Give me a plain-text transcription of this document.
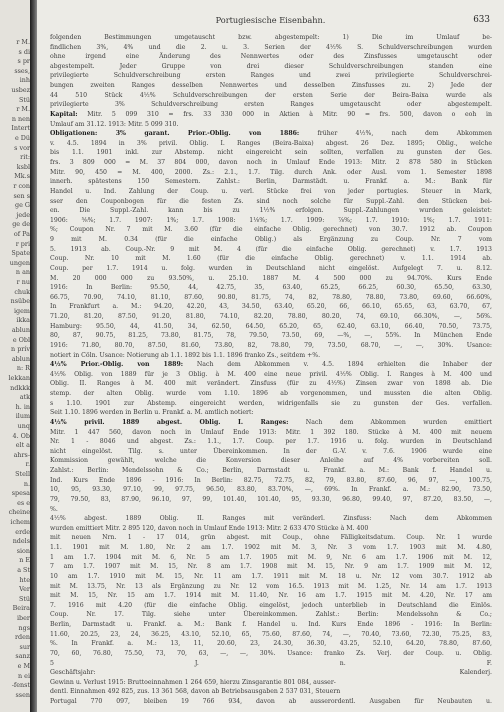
r M.
s di
s pr
sses,
inh
usbez
Stü
r M.
n nen
Intert
e Dü
s vor
rit:
ksbl
Mk.s
r con
sen s
ge G
jede
ge de
of Pa
r pri
Spate
ungen
n an
r nu
chuk
nsübe
igem
ikka
ablun
e Obl
n prív
ablun
n: R
lekkan
ndkkk
atk
h. in
ilum
unq
4. Ob
elt a
ahrs-
r.
Stell
n.
spesa
es e
cheine
ichem
erde
ndels
sion
n E
a St
hte
Ver
Stü
Beira
iber
ngs
rden
sur
sanz
e M
n ei
-fenst
ssen
Portugiesische Eisenbahn.	633
folgenden Bestimmungen umgetauscht bzw. abgestempelt: 1) Die im Umlauf be-
findlichen 3%, 4% und die 2. u. 3. Serien der 4½% S. Schuldverschreibungen wurden
ohne irgend eine Änderung des Nennwertes oder des Zinsfusses umgetauscht oder
abgestempelt. Jeder Gruppe von drei dieser Schuldverschreibungen standen eine
privilegierte Schuldverschreibung ersten Ranges und zwei privilegierte Schuldverschrei-
bungen zweiten Ranges desselben Nennwertes und desselben Zinsfusses zu. 2) Jede der
44 510 Stück 4½% Schuldverschreibungen der ersten Serie der Beira-Baixa wurde als
privilegierte 3% Schuldverschreibung ersten Ranges umgetauscht oder abgestempelt.
Kapital: Mitr. 5 099 310 = frs. 33 330 000 in Aktien à Mitr. 90 = frs. 500, davon o eoh in
Umlauf am 31.12. 1913: Mitr. 5 099 310.
Obligationen: 3% garant. Prior.-Oblig. von 1886: früher 4½%, nach dem Abkommen
v. 4.5. 1894 in 3% privil. Oblig. I. Ranges (Beira-Baixa) abgest. 26 Dez. 1895; Oblig., welche
bis 1.1. 1901 inkl. zur Abstemp. nicht eingereicht sein sollten, verfallen zu gunsten der Ges.
frs. 3 809 000 = M. 37 804 000, davon noch in Umlauf Ende 1913: Mitr. 2 878 580 in Stücken
Mitr. 90, 450 = M. 400, 2000. Zs.: 2.1., 1.7. Tilg. durch Ank. oder Ausl. vom 1. Semester 1898
innerh. spätestens 150 Semestern. Zahlst.: Berlin, Darmstädt. u. Frankf. a. M.: Bank für
Handel u. Ind. Zahlung der Coup. u. verl. Stücke frei von jeder portugies. Steuer in Mark,
sser den Couponbogen für die festen Zs. sind noch solche für Suppl.-Zahl. den Stücken bei-
en. Die Suppl.-Zahl. kann bis zu 1½% erfolgen. Suppl.-Zahlungen wurden geleistet:
1906: ⅝%; 1.7. 1907: 1%; 1.7. 1908: 1⅛%; 1.7. 1909: ⅞%; 1.7. 1910: 1%; 1.7. 1911:
%; Coupon Nr. 7 mit M. 3.60 (für die einfache Oblig. gerechnet) von 30.7. 1912 ab. Coupon
9 mit M. 0.34 (für die einfache Oblig.) als Ergänzung zu Coup. Nr. 7 vom
5. 1913 ab. Coup.-Nr. 9 mit M. 4 (für die einfache Oblig. gerechnet) v. 1.7. 1913
Coup. Nr. 10 mit M. 1.60 (für die einfache Oblig. gerechnet) v. 1.1. 1914 ab.
Coup. per 1.7. 1914 u. folg. wurden in Deutschland nicht eingelöst. Aufgelegt 7. u. 8.12.
M. 20 000 000 zu 93.50%, u. 25.10. 1887 M. 4 500 000 zu 94.70%. Kurs Ende
1916: In Berlin: 95.50, 44, 42.75, 35, 63.40, 65.25, 66.25, 60.30, 65.50, 63.30,
66.75, 70.90, 74.10, 81.10, 87.60, 90.80, 81.75, 74, 82, 78.80, 78.80, 73.80, 69.60, 66.60%,
In Frankfurt a. M.: 94.20, 42.20, 43, 34.50, 63.40, 65.20, 66, 66.10, 65.65, 63, 63.70, 67,
71.20, 81.20, 87.50, 91.20, 81.80, 74.10, 82.20, 78.80, 80.20, 74, 69.10, 66.30%, —, 56%.
Hamburg: 95.50, 44, 41.50, 34, 62.50, 64.50, 65.20, 65, 62.40, 63.10, 66.40, 70.50, 73.75,
80, 87, 90.75, 81.25, 73.80, 81.75, 78, 79.50, 73.50, 69, —%, —, 55%. In München Ende
1916: 71.80, 80.70, 87.50, 81.60, 73.80, 82, 78.80, 79, 73.50, 68.70, —, —, 30%. Usance:
notiert in Cöln. Usance: Notierung ab 1.1. 1892 bis 1.1. 1896 franko Zs., seitdem +%.
4½% Prior.-Oblig. von 1889: Nach dem Abkommen v. 4.5. 1894 erhielten die Inhaber der
4½% Oblig. von 1889 für je 3 Oblig. à M. 400 eine neue privil. 4½% Oblig. I. Ranges à M. 400 und
Oblig. II. Ranges à M. 400 mit verändert. Zinsfuss (für zu 4½%) Zinsen zwar von 1898 ab. Die
stemp. der alten Oblig. wurde vom 1.10. 1896 ab vorgenommen, und mussten die alten Oblig.
s 1.10. 1901 zur Abstemp. eingereicht werden, widrigenfalls sie zu gunsten der Ges. verfallen.
Seit 1.10. 1896 werden in Berlin u. Frankf. a. M. amtlich notiert:
4½% privil. 1889 abgest. Oblig. I. Ranges: Nach dem Abkommen wurden emittiert
Mitr. 1 447 560, davon noch in Umlauf Ende 1913: Mitr. 1 392 180. Stücke à M. 400 mit neuem
Nr. 1 - 8046 und abgest. Zs.: 1.1., 1.7. Coup. per 1.7. 1916 u. folg. wurden in Deutschland
nicht eingelöst. Tilg. s. unter Übereinkommen. In der G.-V. v. 7.6. 1906 wurde eine
Kommission gewählt, welche die Konversion dieser Anleihe auf 4% vorbereiten soll.
Zahlst.: Berlin: Mendelssohn & Co.; Berlin, Darmstadt u. Frankf. a. M.: Bank f. Handel u.
Ind. Kurs Ende 1896 - 1916: In Berlin: 82.75, 72.75, 82, 79, 83.80, 87.60, 96, 97, —, 100.75,
10, 95, 93.30, 97.10, 99, 97.75, 96.50, 83.80, 83.70%, —, 69%. In Frankf. a. M.: 82.90, 73.50,
79, 79.50, 83, 87.90, 96.10, 97, 99, 101.40, 101.40, 95, 93.30, 96.80, 99.40, 97, 87.20, 83.50, —,
%.
4½% abgest. 1889 Oblig. II. Ranges mit veränderl. Zinsfuss: Nach dem Abkommen
wurden emittiert Mitr. 2 895 120, davon noch in Umlauf Ende 1913: Mitr. 2 633 470 Stücke à M. 400
mit neuen Nrn. 1 - 17 014, grün abgest. mit Coup., ohne Fälligkeitsdatum. Coup. Nr. 1 wurde
1.1. 1901 mit M. 1.80, Nr. 2 am 1.7. 1902 mit M. 3, Nr. 3 vom 1.7. 1903 mit M. 4.80,
1 am 1.7. 1904 mit M. 6, Nr. 5 am 1.7. 1905 mit M. 9, Nr. 6 am 1.7. 1906 mit M. 12,
7 am 1.7. 1907 mit M. 15, Nr. 8 am 1.7. 1908 mit M. 15, Nr. 9 am 1.7. 1909 mit M. 12,
10 am 1.7. 1910 mit M. 15, Nr. 11 am 1.7. 1911 mit M. 18 u. Nr. 12 vom 30.7. 1912 ab
mit M. 13.75, Nr. 13 als Ergänzung zu Nr. 12 vom 16.5. 1913 mit M. 1.25, Nr. 14 am 1.7. 1913
mit M. 15, Nr. 15 am 1.7. 1914 mit M. 11.40, Nr. 16 am 1.7. 1915 mit M. 4.20, Nr. 17 am
7. 1916 mit 4.20 (für die einfache Oblig. eingelöst, jedoch unterblieb in Deutschland die Einlös.
Coup. Nr. 17. Tilg. siehe unter Übereinkommen. Zahlst.: Berlin: Mendelssohn & Co.;
Berlin, Darmstadt u. Frankf. a. M.: Bank f. Handel u. Ind. Kurs Ende 1896 - 1916: In Berlin:
11.60, 20.25, 23, 24, 36.25, 43.10, 52.10, 65, 75.60, 87.60, 74, —, 70.40, 73.60, 72.30, 75.25, 83,
%. In Frankf. a. M.: 13, 11, 20.60, 23, 24.30, 36.30, 43.25, 52.10, 64.20, 78.80, 87.60,
70, 60, 76.80, 75.50, 73, 70, 63, —, —, 30%. Usance: franko Zs. Verj. der Coup. u. Oblig.
5 J. n. F.
Geschäftsjahr: Kalenderj.
Gewinn u. Verlust 1915: Bruttoeinnahmen 1 264 659, hierzu Zinsgarantie 801 084, ausser-
dentl. Einnahmen 492 825, zus. 13 361 568, davon ab Betriebsausgaben 2 537 031, Steuern
Portugal 770 097, bleiben 19 766 934, davon ab ausserordentl. Ausgaben für Neubauten u.
